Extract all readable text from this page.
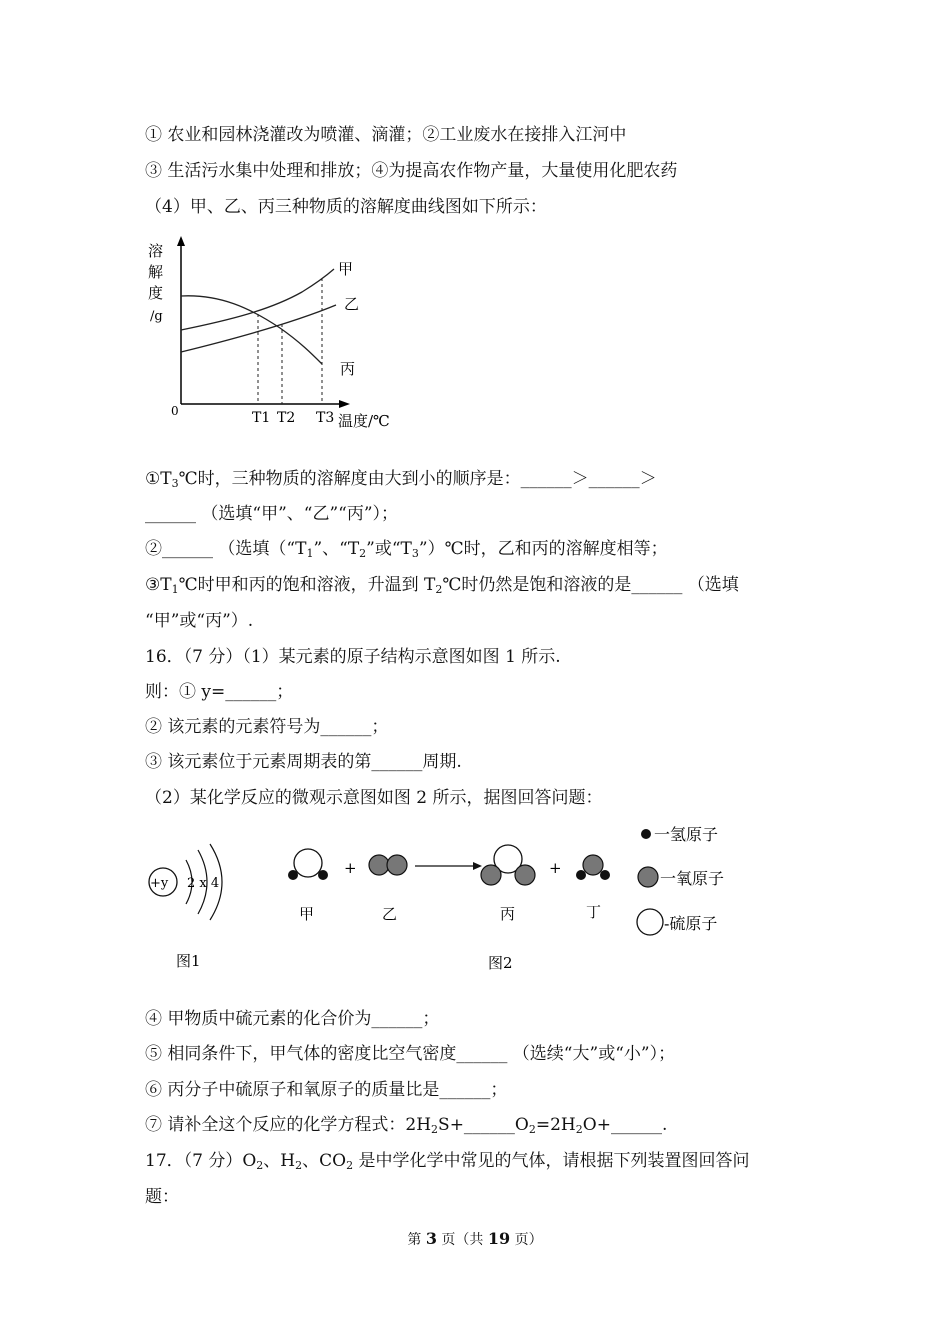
① 农业和园林浇灌改为喷灌、滴灌；②工业废水在接排入江河中
③ 生活污水集中处理和排放；④为提高农作物产量，大量使用化肥农药
（4）甲、乙、丙三种物质的溶解度曲线图如下所示：
溶
解
度
/g
0
甲
乙
丙
T1 T2 T3 温度/℃
$①T_3℃$时，三种物质的溶解度由大到小的顺序是：______＞______＞
______ （选填“甲”、“乙”“丙”）；
②______ （选填（“$T_1$”、“$T_2$”或“$T_3”)℃$时，乙和丙的溶解度相等；
$③T_1℃$时甲和丙的饱和溶液，升温到 $T_2℃$时仍然是饱和溶液的是______ （选填
“甲”或“丙”）.
16．（7 分）（1）某元素的原子结构示意图如图 1 所示.
则：① y=______；
② 该元素的元素符号为______；
③ 该元素位于元素周期表的第______周期.
（2）某化学反应的微观示意图如图 2 所示，据图回答问题：
+y 2 x 4
图1
甲
+
乙	丙
+
丁
图2
一氢原子
一氧原子
-硫原子
④ 甲物质中硫元素的化合价为______；
⑤ 相同条件下，甲气体的密度比空气密度______ （选续“大”或“小”）；
⑥ 丙分子中硫原子和氧原子的质量比是______；
⑦ 请补全这个反应的化学方程式：$2H_2S+\_\_\_\_\_\_O_2=2H_2O+\_\_\_\_\_\_$.
17．（7 分）$O_2$、$H_2$、$CO_2$ 是中学化学中常见的气体，请根据下列装置图回答问
题：
第 3 页（共 19 页）
